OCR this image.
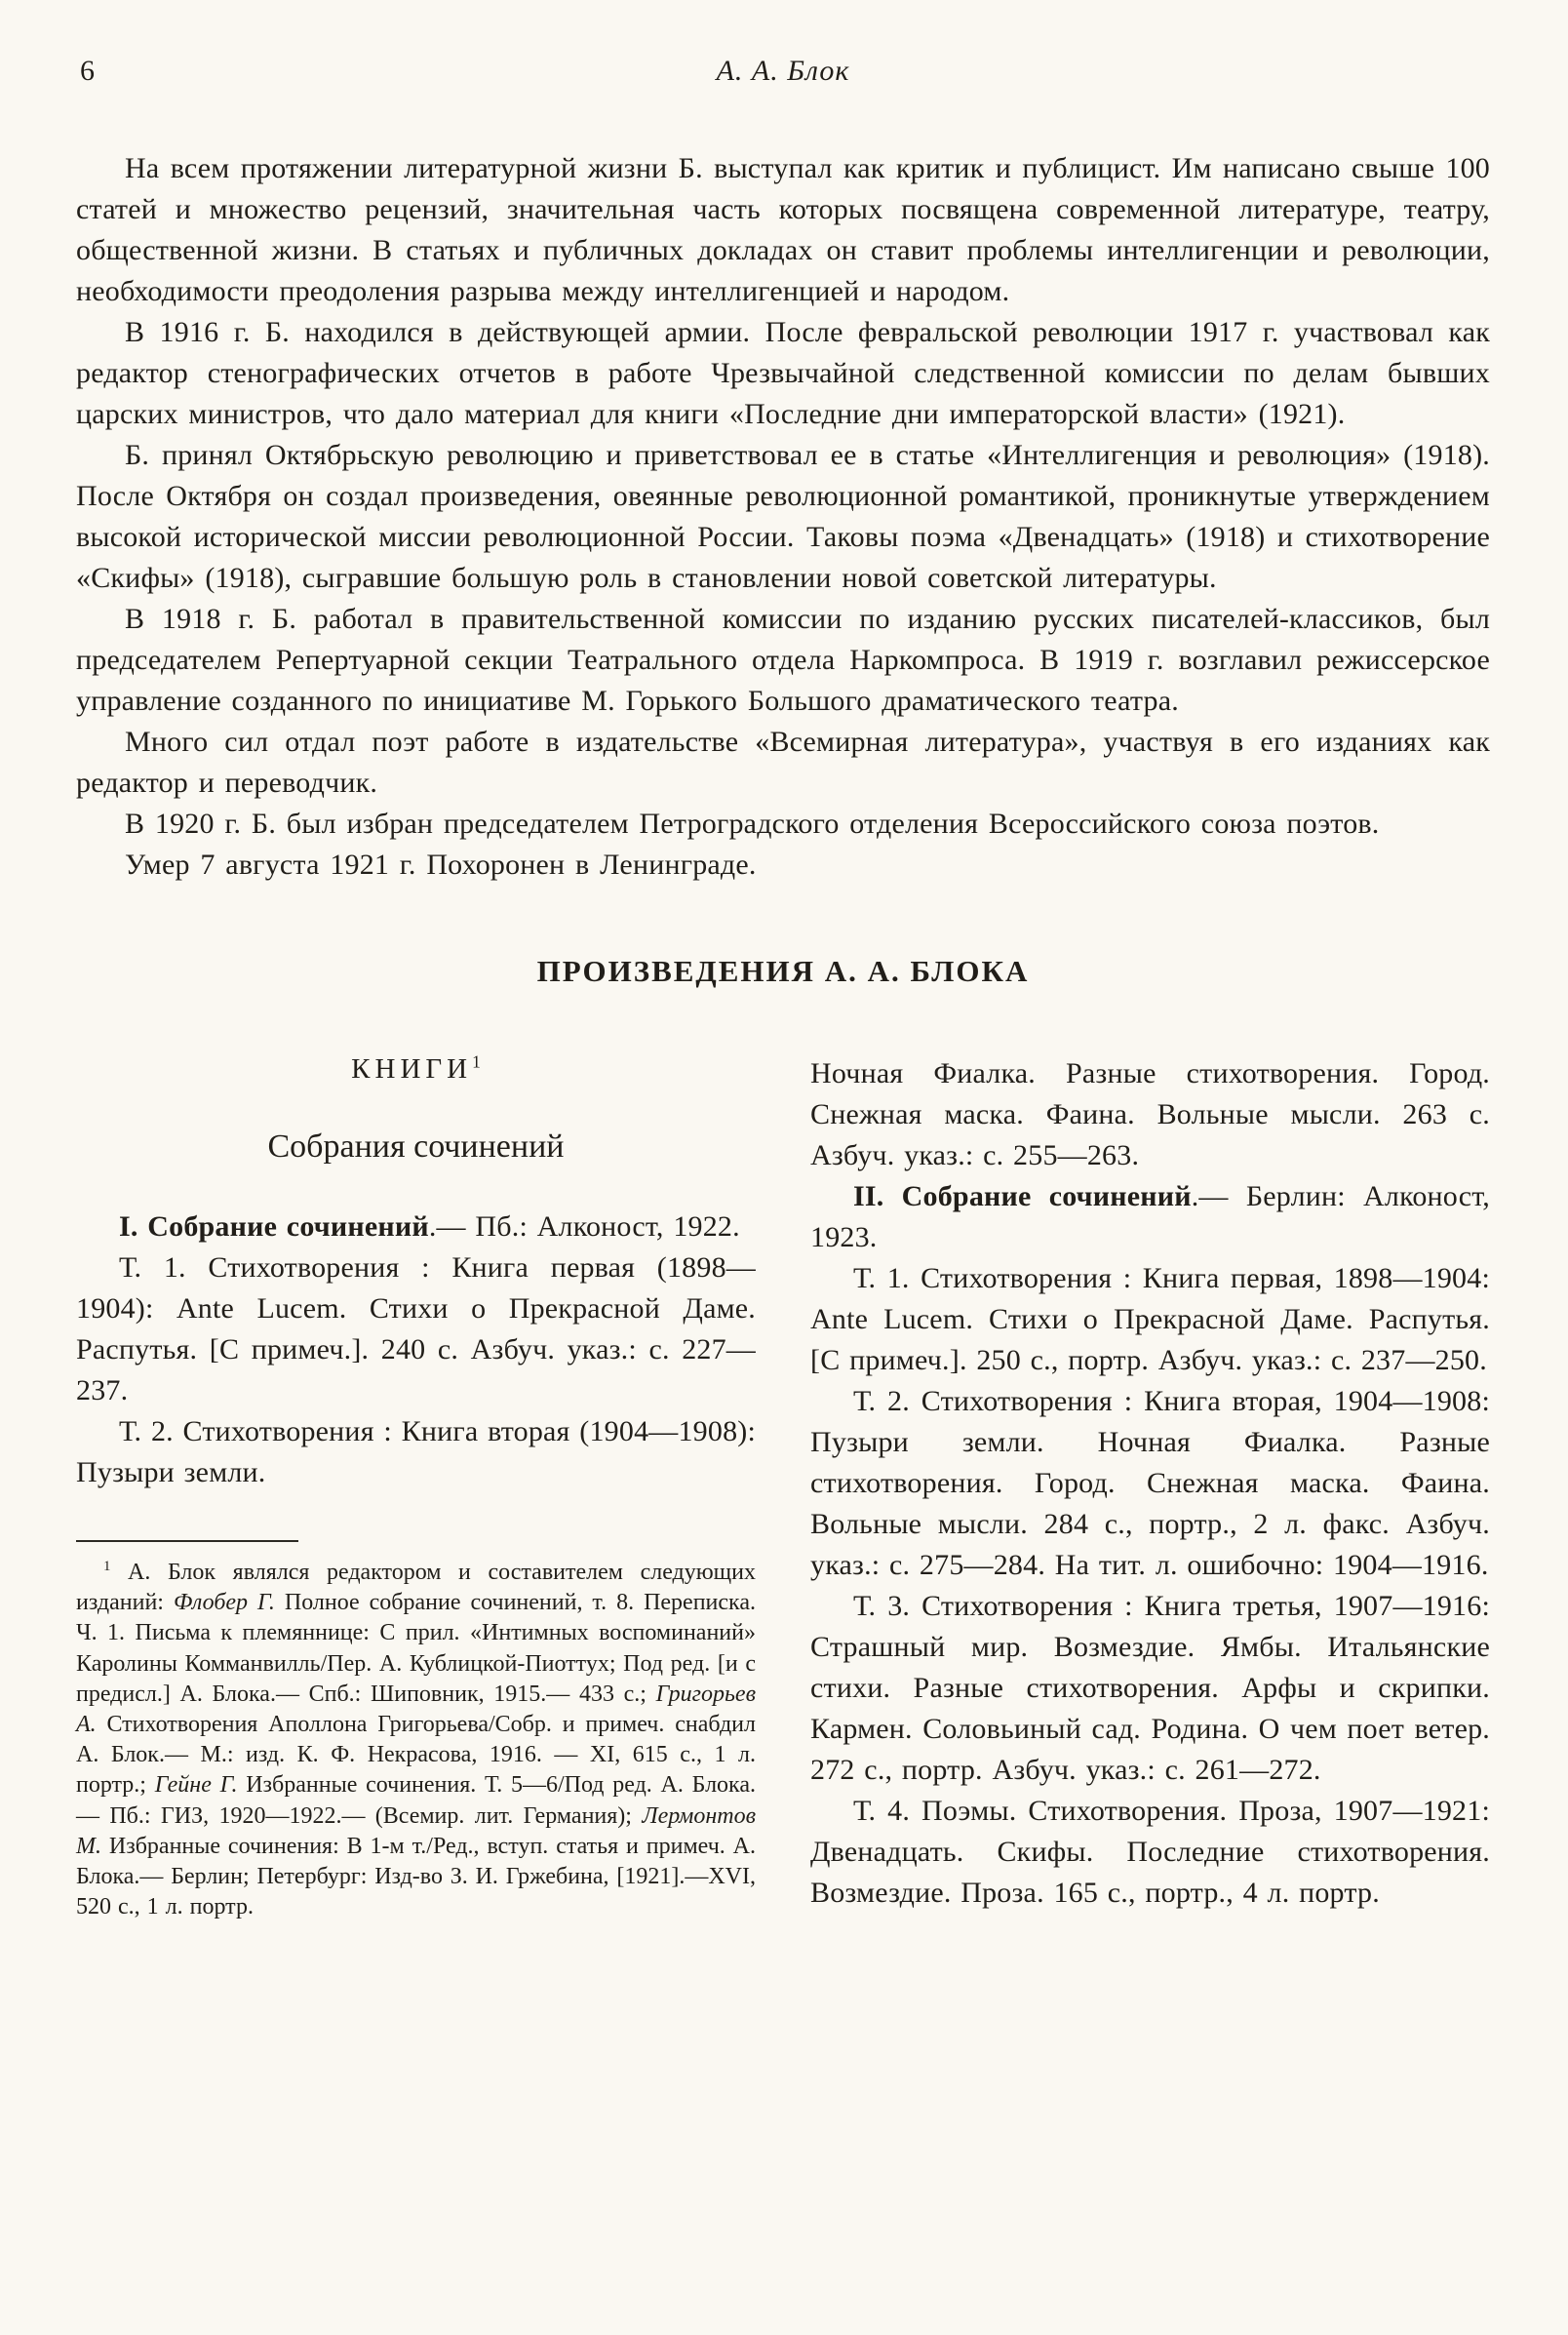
6	А. А. Блок

На всем протяжении литературной жизни Б. выступал как критик и публицист. Им написано свыше 100 статей и множество рецензий, значительная часть которых посвящена современной литературе, театру, общественной жизни. В статьях и публичных докладах он ставит проблемы интеллигенции и революции, необходимости преодоления разрыва между интеллигенцией и народом.

В 1916 г. Б. находился в действующей армии. После февральской революции 1917 г. участвовал как редактор стенографических отчетов в работе Чрезвычайной следственной комиссии по делам бывших царских министров, что дало материал для книги «Последние дни императорской власти» (1921).

Б. принял Октябрьскую революцию и приветствовал ее в статье «Интеллигенция и революция» (1918). После Октября он создал произведения, овеянные революционной романтикой, проникнутые утверждением высокой исторической миссии революционной России. Таковы поэма «Двенадцать» (1918) и стихотворение «Скифы» (1918), сыгравшие большую роль в становлении новой советской литературы.

В 1918 г. Б. работал в правительственной комиссии по изданию русских писателей-классиков, был председателем Репертуарной секции Театрального отдела Наркомпроса. В 1919 г. возглавил режиссерское управление созданного по инициативе М. Горького Большого драматического театра.

Много сил отдал поэт работе в издательстве «Всемирная литература», участвуя в его изданиях как редактор и переводчик.

В 1920 г. Б. был избран председателем Петроградского отделения Всероссийского союза поэтов.

Умер 7 августа 1921 г. Похоронен в Ленинграде.

ПРОИЗВЕДЕНИЯ А. А. БЛОКА
КНИГИ$^1$
Собрания сочинений

I. Собрание сочинений.— Пб.: Алконост, 1922.

Т. 1. Стихотворения : Книга первая (1898—1904): Ante Lucem. Стихи о Прекрасной Даме. Распутья. [С примеч.]. 240 с. Азбуч. указ.: с. 227—237.

Т. 2. Стихотворения : Книга вторая (1904—1908): Пузыри земли.

$^1$ А. Блок являлся редактором и составителем следующих изданий: Флобер Г. Полное собрание сочинений, т. 8. Переписка. Ч. 1. Письма к племяннице: С прил. «Интимных воспоминаний» Каролины Комманвилль/Пер. А. Кублицкой-Пиоттух; Под ред. [и с предисл.] А. Блока.— Спб.: Шиповник, 1915.— 433 с.; Григорьев А. Стихотворения Аполлона Григорьева/Собр. и примеч. снабдил А. Блок.— М.: изд. К. Ф. Некрасова, 1916. — XI, 615 с., 1 л. портр.; Гейне Г. Избранные сочинения. Т. 5—6/Под ред. А. Блока.— Пб.: ГИЗ, 1920—1922.— (Всемир. лит. Германия); Лермонтов М. Избранные сочинения: В 1-м т./Ред., вступ. статья и примеч. А. Блока.— Берлин; Петербург: Изд-во З. И. Гржебина, [1921].—XVI, 520 с., 1 л. портр.

Ночная Фиалка. Разные стихотворения. Город. Снежная маска. Фаина. Вольные мысли. 263 с. Азбуч. указ.: с. 255—263.

II. Собрание сочинений.— Берлин: Алконост, 1923.

Т. 1. Стихотворения : Книга первая, 1898—1904: Ante Lucem. Стихи о Прекрасной Даме. Распутья. [С примеч.]. 250 с., портр. Азбуч. указ.: с. 237—250.

Т. 2. Стихотворения : Книга вторая, 1904—1908: Пузыри земли. Ночная Фиалка. Разные стихотворения. Город. Снежная маска. Фаина. Вольные мысли. 284 с., портр., 2 л. факс. Азбуч. указ.: с. 275—284. На тит. л. ошибочно: 1904—1916.

Т. 3. Стихотворения : Книга третья, 1907—1916: Страшный мир. Возмездие. Ямбы. Итальянские стихи. Разные стихотворения. Арфы и скрипки. Кармен. Соловьиный сад. Родина. О чем поет ветер. 272 с., портр. Азбуч. указ.: с. 261—272.

Т. 4. Поэмы. Стихотворения. Проза, 1907—1921: Двенадцать. Скифы. Последние стихотворения. Возмездие. Проза. 165 с., портр., 4 л. портр.
